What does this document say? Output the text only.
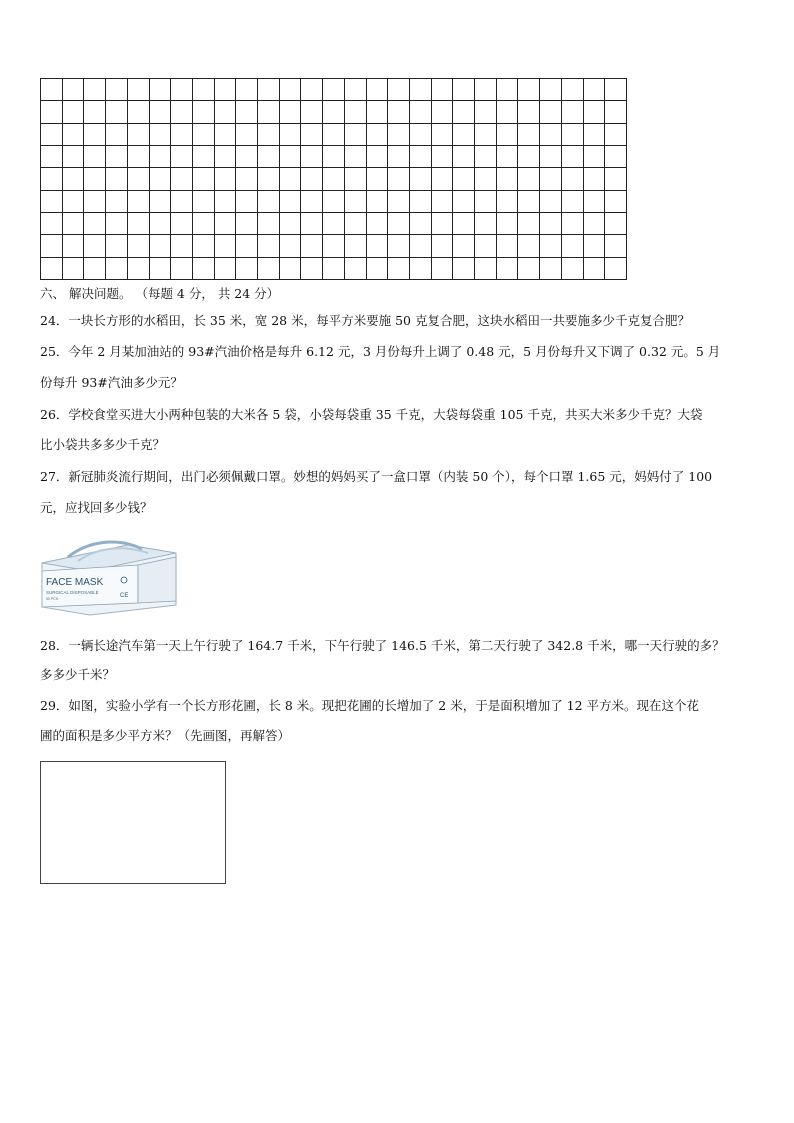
六、 解决问题。 （每题 4 分， 共 24 分）
24．一块长方形的水稻田，长 35 米，宽 28 米，每平方米要施 50 克复合肥，这块水稻田一共要施多少千克复合肥？
25．今年 2 月某加油站的 93#汽油价格是每升 6.12 元，3 月份每升上调了 0.48 元，5 月份每升又下调了 0.32 元。5 月
份每升 93#汽油多少元？
26．学校食堂买进大小两种包装的大米各 5 袋，小袋每袋重 35 千克，大袋每袋重 105 千克，共买大米多少千克？大袋
比小袋共多多少千克？
27．新冠肺炎流行期间，出门必须佩戴口罩。妙想的妈妈买了一盒口罩（内装 50 个），每个口罩 1.65 元，妈妈付了 100
元，应找回多少钱？
FACE MASK
SURGICAL DISPOSABLE
50 PCS	CE
28．一辆长途汽车第一天上午行驶了 164.7 千米，下午行驶了 146.5 千米，第二天行驶了 342.8 千米，哪一天行驶的多？
多多少千米？
29．如图，实验小学有一个长方形花圃，长 8 米。现把花圃的长增加了 2 米，于是面积增加了 12 平方米。现在这个花
圃的面积是多少平方米？（先画图，再解答）
